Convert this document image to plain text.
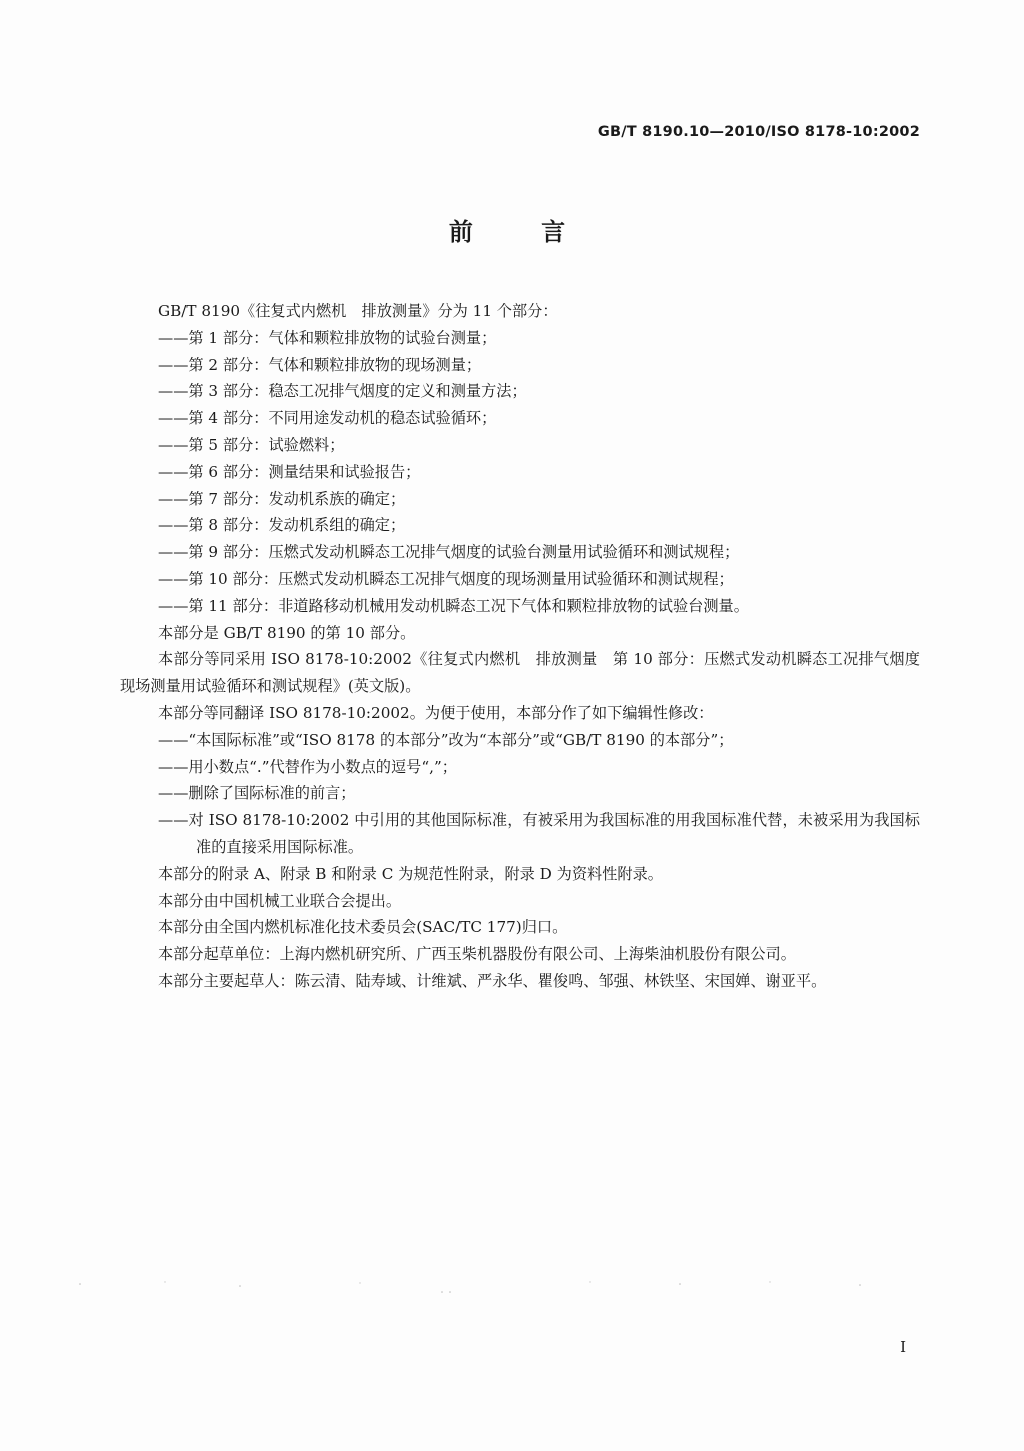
GB/T 8190.10—2010/ISO 8178-10:2002
前 言

GB/T 8190《往复式内燃机　排放测量》分为 11 个部分：

——第 1 部分：气体和颗粒排放物的试验台测量；
——第 2 部分：气体和颗粒排放物的现场测量；
——第 3 部分：稳态工况排气烟度的定义和测量方法；
——第 4 部分：不同用途发动机的稳态试验循环；
——第 5 部分：试验燃料；
——第 6 部分：测量结果和试验报告；
——第 7 部分：发动机系族的确定；
——第 8 部分：发动机系组的确定；
——第 9 部分：压燃式发动机瞬态工况排气烟度的试验台测量用试验循环和测试规程；
——第 10 部分：压燃式发动机瞬态工况排气烟度的现场测量用试验循环和测试规程；
——第 11 部分：非道路移动机械用发动机瞬态工况下气体和颗粒排放物的试验台测量。

本部分是 GB/T 8190 的第 10 部分。

本部分等同采用 ISO 8178-10:2002《往复式内燃机　排放测量　第 10 部分：压燃式发动机瞬态工况排气烟度现场测量用试验循环和测试规程》(英文版)。

本部分等同翻译 ISO 8178-10:2002。为便于使用，本部分作了如下编辑性修改：

——“本国际标准”或“ISO 8178 的本部分”改为“本部分”或“GB/T 8190 的本部分”；
——用小数点“.”代替作为小数点的逗号“,”；
——删除了国际标准的前言；
——对 ISO 8178-10:2002 中引用的其他国际标准，有被采用为我国标准的用我国标准代替，未被采用为我国标准的直接采用国际标准。

本部分的附录 A、附录 B 和附录 C 为规范性附录，附录 D 为资料性附录。

本部分由中国机械工业联合会提出。

本部分由全国内燃机标准化技术委员会(SAC/TC 177)归口。

本部分起草单位：上海内燃机研究所、广西玉柴机器股份有限公司、上海柴油机股份有限公司。

本部分主要起草人：陈云清、陆寿域、计维斌、严永华、瞿俊鸣、邹强、林铁坚、宋国婵、谢亚平。

I
